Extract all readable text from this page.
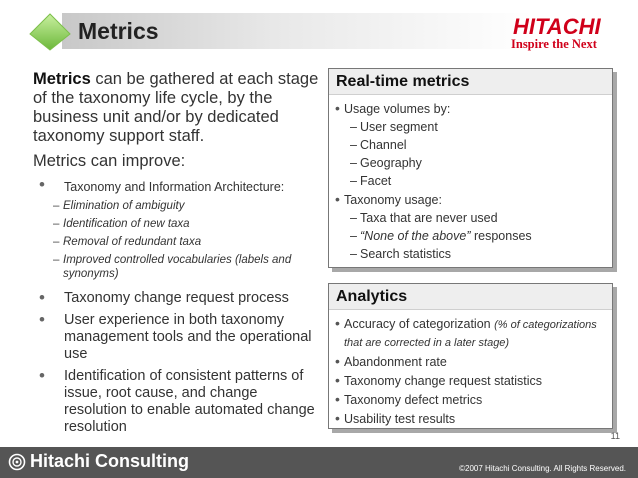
Metrics	HITACHI
Inspire the Next
Metrics can be gathered at each stage of the taxonomy life cycle, by the business unit and/or by dedicated taxonomy support staff.
Metrics can improve:
• Taxonomy and Information Architecture:
– Elimination of ambiguity
– Identification of new taxa
– Removal of redundant taxa
– Improved controlled vocabularies (labels and synonyms)
• Taxonomy change request process
• User experience in both taxonomy management tools and the operational use
• Identification of consistent patterns of issue, root cause, and change resolution to enable automated change resolution
Real-time metrics
• Usage volumes by:
– User segment
– Channel
– Geography
– Facet
• Taxonomy usage:
– Taxa that are never used
– “None of the above” responses
– Search statistics
Analytics
• Accuracy of categorization (% of categorizations that are corrected in a later stage)
• Abandonment rate
• Taxonomy change request statistics
• Taxonomy defect metrics
• Usability test results
11
Hitachi Consulting	©2007 Hitachi Consulting. All Rights Reserved.
